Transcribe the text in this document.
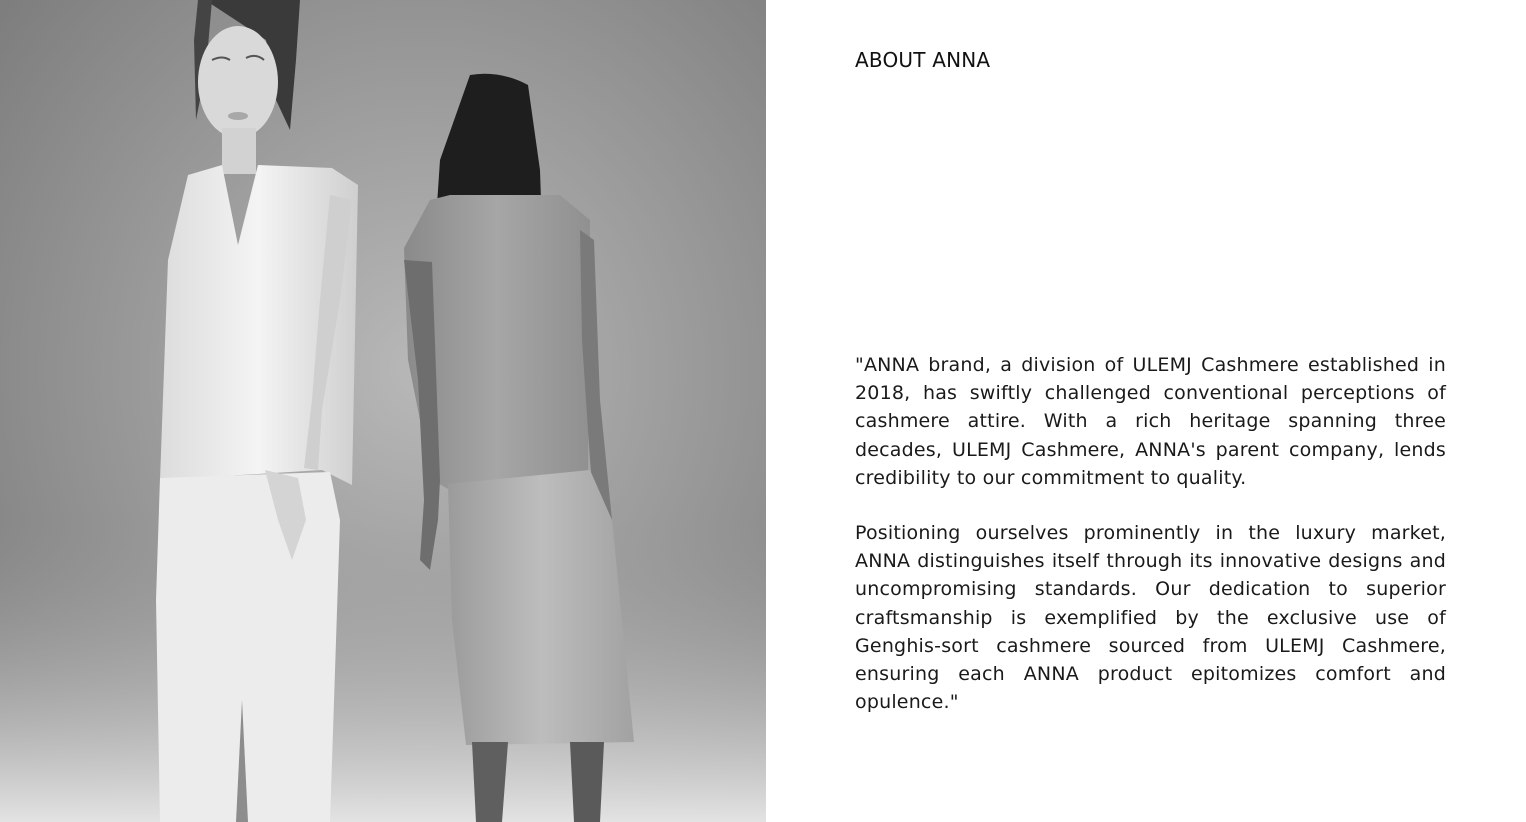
ABOUT ANNA

"ANNA brand, a division of ULEMJ Cashmere established in 2018, has swiftly challenged conventional perceptions of cashmere attire. With a rich heritage spanning three decades, ULEMJ Cashmere, ANNA's parent company, lends credibility to our commitment to quality.

Positioning ourselves prominently in the luxury market, ANNA distinguishes itself through its innovative designs and uncompromising standards. Our dedication to superior craftsmanship is exemplified by the exclusive use of Genghis-sort cashmere sourced from ULEMJ Cashmere, ensuring each ANNA product epitomizes comfort and opulence."
